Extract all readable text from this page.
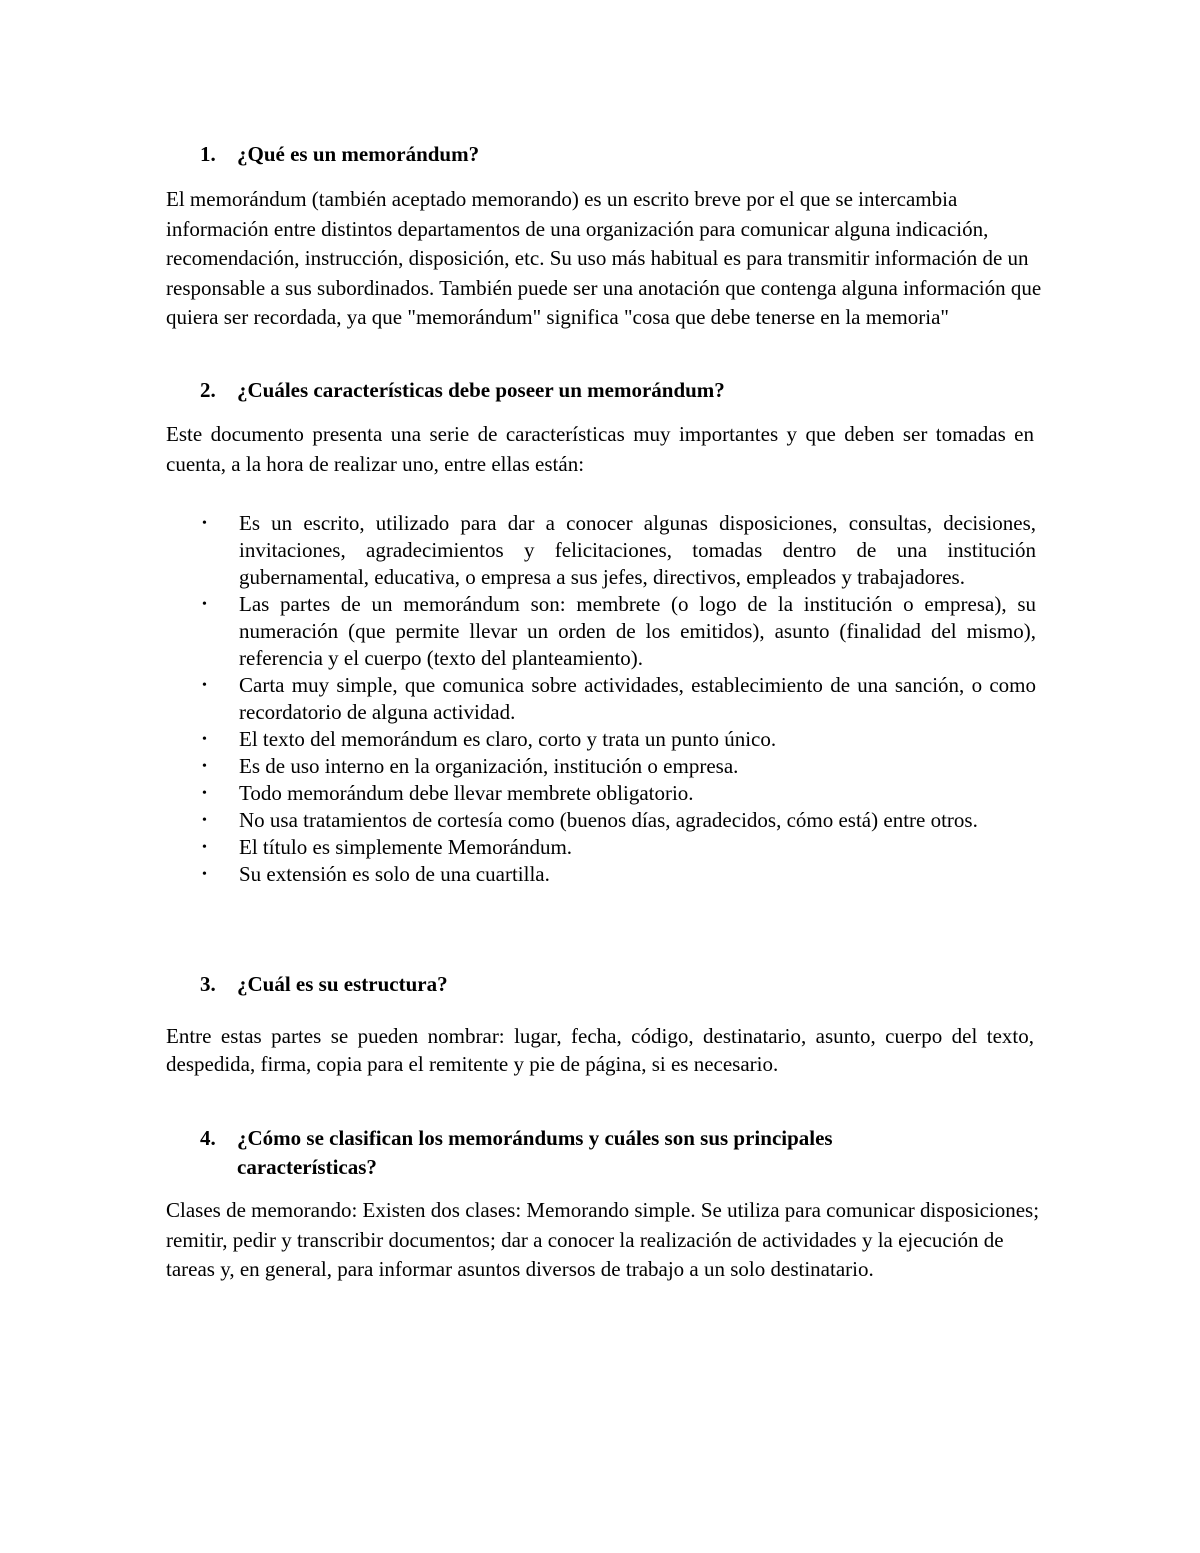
1.	¿Qué es un memorándum?

El memorándum (también aceptado memorando) es un escrito breve por el que se intercambia información entre distintos departamentos de una organización para comunicar alguna indicación, recomendación, instrucción, disposición, etc. Su uso más habitual es para transmitir información de un responsable a sus subordinados. También puede ser una anotación que contenga alguna información que quiera ser recordada, ya que "memorándum" significa "cosa que debe tenerse en la memoria"

2.	¿Cuáles características debe poseer un memorándum?

Este documento presenta una serie de características muy importantes y que deben ser tomadas en cuenta, a la hora de realizar uno, entre ellas están:

•	Es un escrito, utilizado para dar a conocer algunas disposiciones, consultas, decisiones, invitaciones, agradecimientos y felicitaciones, tomadas dentro de una institución gubernamental, educativa, o empresa a sus jefes, directivos, empleados y trabajadores.
•	Las partes de un memorándum son: membrete (o logo de la institución o empresa), su numeración (que permite llevar un orden de los emitidos), asunto (finalidad del mismo), referencia y el cuerpo (texto del planteamiento).
•	Carta muy simple, que comunica sobre actividades, establecimiento de una sanción, o como recordatorio de alguna actividad.
•	El texto del memorándum es claro, corto y trata un punto único.
•	Es de uso interno en la organización, institución o empresa.
•	Todo memorándum debe llevar membrete obligatorio.
•	No usa tratamientos de cortesía como (buenos días, agradecidos, cómo está) entre otros.
•	El título es simplemente Memorándum.
•	Su extensión es solo de una cuartilla.
3.	¿Cuál es su estructura?

Entre estas partes se pueden nombrar: lugar, fecha, código, destinatario, asunto, cuerpo del texto, despedida, firma, copia para el remitente y pie de página, si es necesario.

4.	¿Cómo se clasifican los memorándums y cuáles son sus principales características?

Clases de memorando: Existen dos clases: Memorando simple. Se utiliza para comunicar disposiciones; remitir, pedir y transcribir documentos; dar a conocer la realización de actividades y la ejecución de tareas y, en general, para informar asuntos diversos de trabajo a un solo destinatario.
